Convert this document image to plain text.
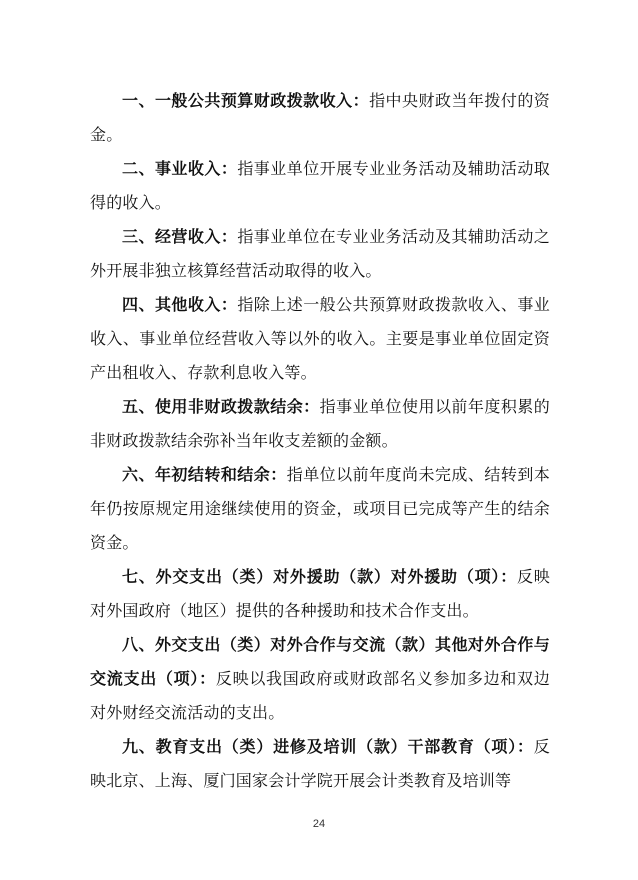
一、一般公共预算财政拨款收入：指中央财政当年拨付的资金。

二、事业收入：指事业单位开展专业业务活动及辅助活动取得的收入。

三、经营收入：指事业单位在专业业务活动及其辅助活动之外开展非独立核算经营活动取得的收入。

四、其他收入：指除上述一般公共预算财政拨款收入、事业收入、事业单位经营收入等以外的收入。主要是事业单位固定资产出租收入、存款利息收入等。

五、使用非财政拨款结余：指事业单位使用以前年度积累的非财政拨款结余弥补当年收支差额的金额。

六、年初结转和结余：指单位以前年度尚未完成、结转到本年仍按原规定用途继续使用的资金，或项目已完成等产生的结余资金。

七、外交支出（类）对外援助（款）对外援助（项）：反映对外国政府（地区）提供的各种援助和技术合作支出。

八、外交支出（类）对外合作与交流（款）其他对外合作与交流支出（项）：反映以我国政府或财政部名义参加多边和双边对外财经交流活动的支出。

九、教育支出（类）进修及培训（款）干部教育（项）：反映北京、上海、厦门国家会计学院开展会计类教育及培训等

24
